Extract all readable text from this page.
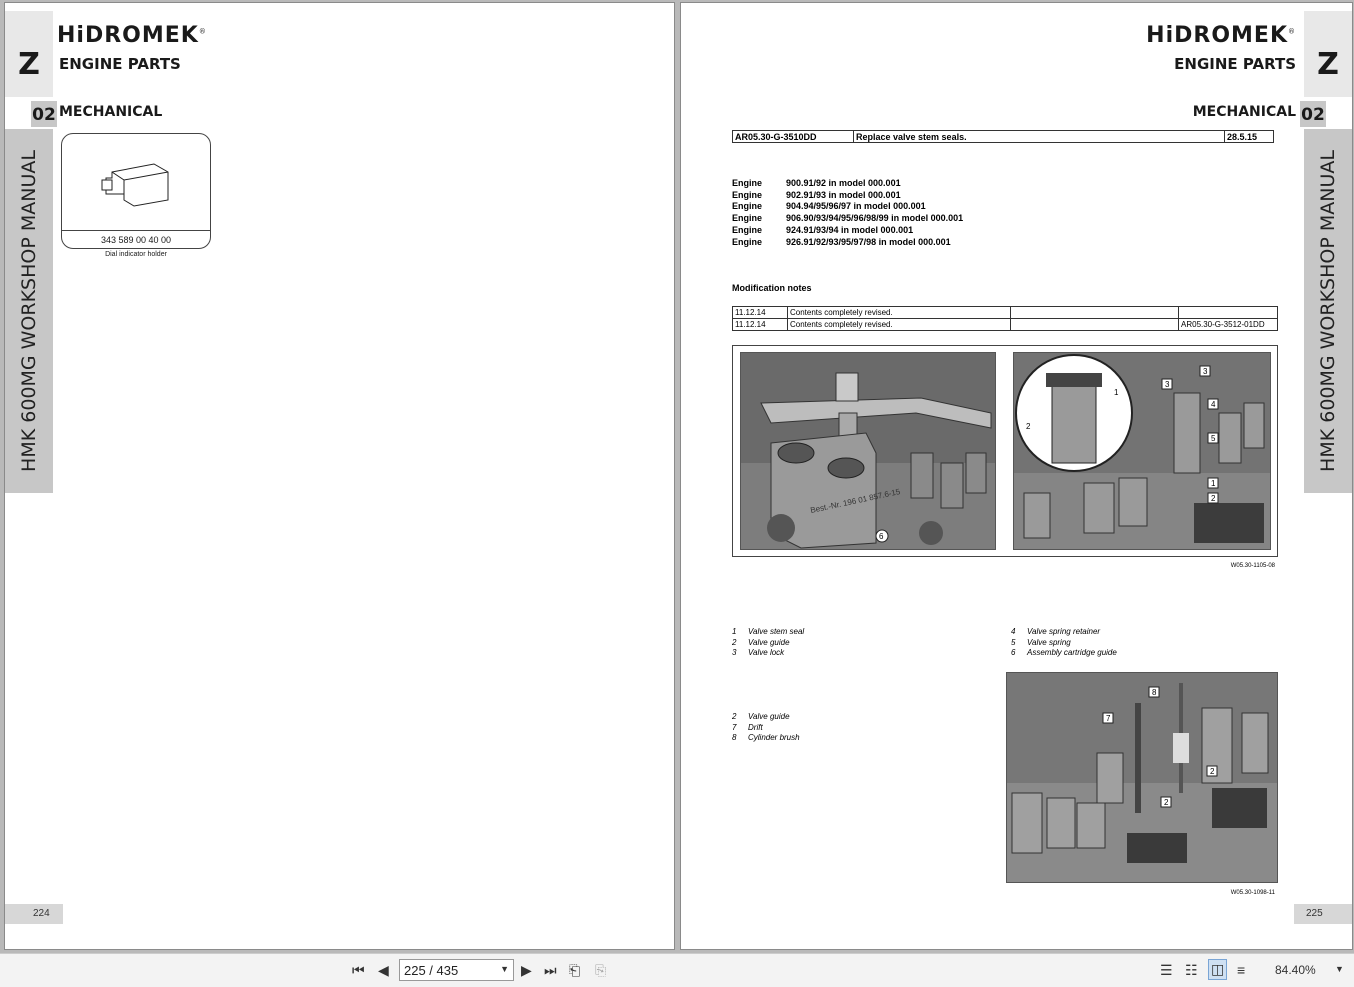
HiDROMEK®
ENGINE PARTS
Z
02 MECHANICAL
HMK 600MG WORKSHOP MANUAL	343 589 00 40 00
Dial indicator holder
224
HiDROMEK®
ENGINE PARTS Z
02
MECHANICAL
HMK 600MG WORKSHOP MANUAL
AR05.30-G-3510DD	Replace valve stem seals.	28.5.15
Engine	900.91/92 in model 000.001
Engine	902.91/93 in model 000.001
Engine	904.94/95/96/97 in model 000.001
Engine	906.90/93/94/95/96/98/99 in model 000.001
Engine	924.91/93/94 in model 000.001
Engine	926.91/92/93/95/97/98 in model 000.001
Modification notes
11.12.14	Contents completely revised.		
11.12.14	Contents completely revised.		AR05.30-G-3512-01DD
Best.-Nr. 196 01 857.6-15
6
1
2
3
3
4
5
1
2
W05.30-1105-08
1 Valve stem seal
2 Valve guide
3 Valve lock
4 Valve spring retainer
5 Valve spring
6 Assembly cartridge guide
2 Valve guide
7 Drift
8 Cylinder brush
8
7
2
2
W05.30-1098-11
225
⏮ ◀ 225 / 435	▼ ▶ ⏭ ⎗ ⎘	☰ ☷ ◫ ≡ 84.40% ▼
